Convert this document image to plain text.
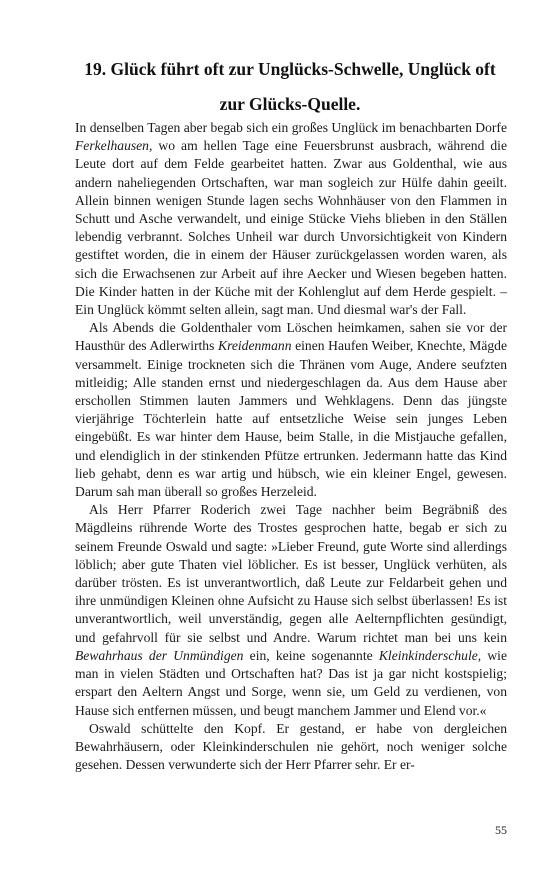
19. Glück führt oft zur Unglücks-Schwelle, Unglück oft
zur Glücks-Quelle.

In denselben Tagen aber begab sich ein großes Unglück im benachbarten Dorfe Ferkelhausen, wo am hellen Tage eine Feuersbrunst ausbrach, während die Leute dort auf dem Felde gearbeitet hatten. Zwar aus Goldenthal, wie aus andern naheliegenden Ortschaften, war man sogleich zur Hülfe dahin geeilt. Allein binnen wenigen Stunde lagen sechs Wohnhäuser von den Flammen in Schutt und Asche verwandelt, und einige Stücke Viehs blieben in den Ställen lebendig verbrannt. Solches Unheil war durch Unvorsichtigkeit von Kindern gestiftet worden, die in einem der Häuser zurückgelassen worden waren, als sich die Erwachsenen zur Arbeit auf ihre Aecker und Wiesen begeben hatten. Die Kinder hatten in der Küche mit der Kohlenglut auf dem Herde gespielt. – Ein Unglück kömmt selten allein, sagt man. Und diesmal war's der Fall.

Als Abends die Goldenthaler vom Löschen heimkamen, sahen sie vor der Hausthür des Adlerwirths Kreidenmann einen Haufen Weiber, Knechte, Mägde versammelt. Einige trockneten sich die Thränen vom Auge, Andere seufzten mitleidig; Alle standen ernst und niedergeschlagen da. Aus dem Hause aber erschollen Stimmen lauten Jammers und Wehklagens. Denn das jüngste vierjährige Töchterlein hatte auf entsetzliche Weise sein junges Leben eingebüßt. Es war hinter dem Hause, beim Stalle, in die Mistjauche gefallen, und elendiglich in der stinkenden Pfütze ertrunken. Jedermann hatte das Kind lieb gehabt, denn es war artig und hübsch, wie ein kleiner Engel, gewesen. Darum sah man überall so großes Herzeleid.

Als Herr Pfarrer Roderich zwei Tage nachher beim Begräbniß des Mägdleins rührende Worte des Trostes gesprochen hatte, begab er sich zu seinem Freunde Oswald und sagte: »Lieber Freund, gute Worte sind allerdings löblich; aber gute Thaten viel löblicher. Es ist besser, Unglück verhüten, als darüber trösten. Es ist unverantwortlich, daß Leute zur Feldarbeit gehen und ihre unmündigen Kleinen ohne Aufsicht zu Hause sich selbst überlassen! Es ist unverantwortlich, weil unverständig, gegen alle Aelternpflichten gesündigt, und gefahrvoll für sie selbst und Andre. Warum richtet man bei uns kein Bewahrhaus der Unmündigen ein, keine sogenannte Kleinkinderschule, wie man in vielen Städten und Ortschaften hat? Das ist ja gar nicht kostspielig; erspart den Aeltern Angst und Sorge, wenn sie, um Geld zu verdienen, von Hause sich entfernen müssen, und beugt manchem Jammer und Elend vor.«

Oswald schüttelte den Kopf. Er gestand, er habe von dergleichen Bewahrhäusern, oder Kleinkinderschulen nie gehört, noch weniger solche gesehen. Dessen verwunderte sich der Herr Pfarrer sehr. Er er-

55
